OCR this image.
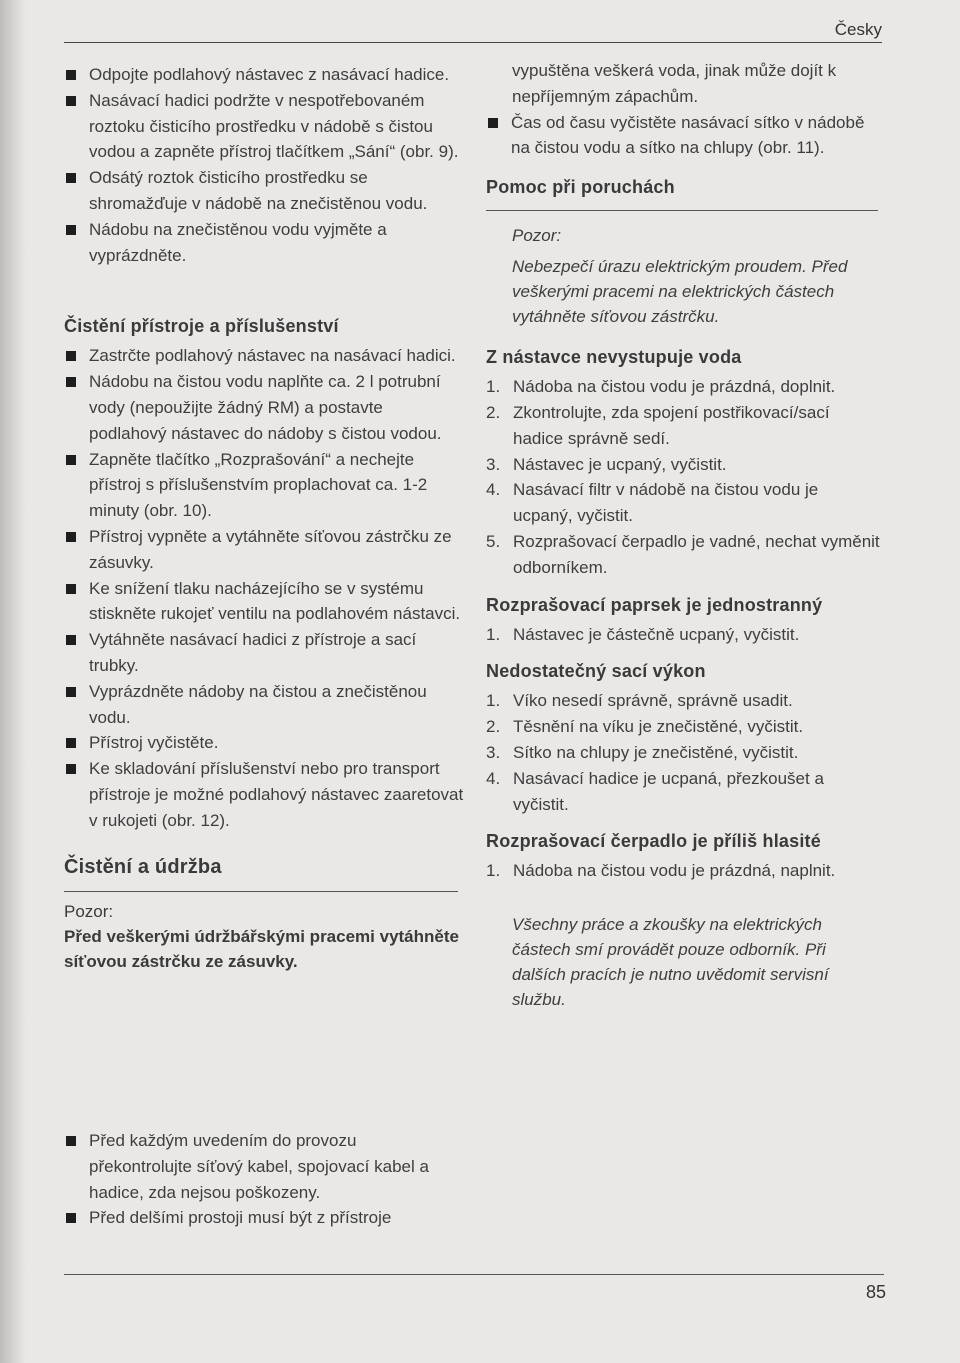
Česky
Odpojte podlahový nástavec z nasávací hadice.
Nasávací hadici podržte v nespotřebovaném roztoku čisticího prostředku v nádobě s čistou vodou a zapněte přístroj tlačítkem „Sání“ (obr. 9).
Odsátý roztok čisticího prostředku se shromažďuje v nádobě na znečistěnou vodu.
Nádobu na znečistěnou vodu vyjměte a vyprázdněte.
Čistění přístroje a příslušenství
Zastrčte podlahový nástavec na nasávací hadici.
Nádobu na čistou vodu naplňte ca. 2 l potrubní vody (nepoužijte žádný RM) a postavte podlahový nástavec do nádoby s čistou vodou.
Zapněte tlačítko „Rozprašování“ a nechejte přístroj s příslušenstvím proplachovat ca. 1-2 minuty (obr. 10).
Přístroj vypněte a vytáhněte síťovou zástrčku ze zásuvky.
Ke snížení tlaku nacházejícího se v systému stiskněte rukojeť ventilu na podlahovém nástavci.
Vytáhněte nasávací hadici z přístroje a sací trubky.
Vyprázdněte nádoby na čistou a znečistěnou vodu.
Přístroj vyčistěte.
Ke skladování příslušenství nebo pro transport přístroje je možné podlahový nástavec zaaretovat v rukojeti (obr. 12).
Čistění a údržba

Pozor:

Před veškerými údržbářskými pracemi vytáhněte síťovou zástrčku ze zásuvky.

Před každým uvedením do provozu překontrolujte síťový kabel, spojovací kabel a hadice, zda nejsou poškozeny.
Před delšími prostoji musí být z přístroje

vypuštěna veškerá voda, jinak může dojít k nepříjemným zápachům.

Čas od času vyčistěte nasávací sítko v nádobě na čistou vodu a sítko na chlupy (obr. 11).
Pomoc při poruchách

Pozor:

Nebezpečí úrazu elektrickým proudem. Před veškerými pracemi na elektrických částech vytáhněte síťovou zástrčku.

Z nástavce nevystupuje voda
1. Nádoba na čistou vodu je prázdná, doplnit.
2. Zkontrolujte, zda spojení postřikovací/sací hadice správně sedí.
3. Nástavec je ucpaný, vyčistit.
4. Nasávací filtr v nádobě na čistou vodu je ucpaný, vyčistit.
5. Rozprašovací čerpadlo je vadné, nechat vyměnit odborníkem.
Rozprašovací paprsek je jednostranný
1. Nástavec je částečně ucpaný, vyčistit.
Nedostatečný sací výkon
1. Víko nesedí správně, správně usadit.
2. Těsnění na víku je znečistěné, vyčistit.
3. Sítko na chlupy je znečistěné, vyčistit.
4. Nasávací hadice je ucpaná, přezkoušet a vyčistit.
Rozprašovací čerpadlo je příliš hlasité
1. Nádoba na čistou vodu je prázdná, naplnit.

Všechny práce a zkoušky na elektrických částech smí provádět pouze odborník. Při dalších pracích je nutno uvědomit servisní službu.

85
